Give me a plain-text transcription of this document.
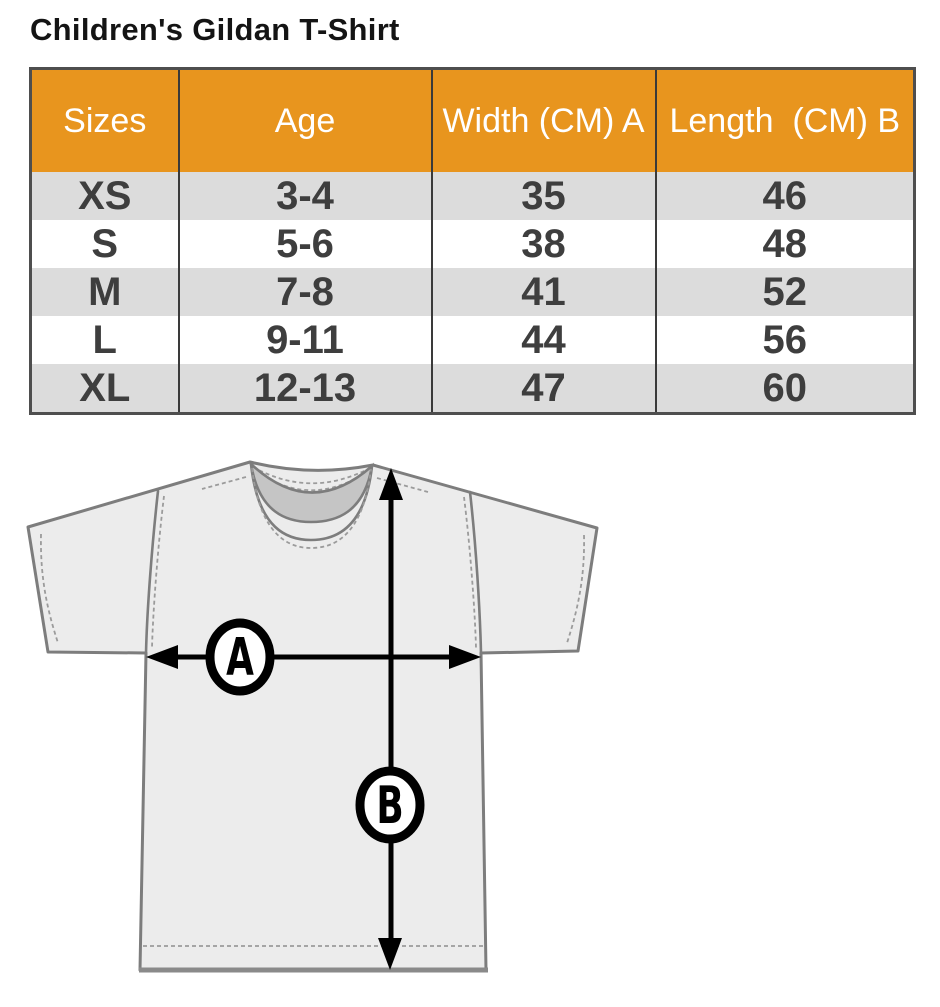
Children's Gildan T-Shirt
Sizes	Age	Width (CM) A	Length  (CM) B
XS	3-4	35	46
S	5-6	38	48
M	7-8	41	52
L	9-11	44	56
XL	12-13	47	60
A
B
